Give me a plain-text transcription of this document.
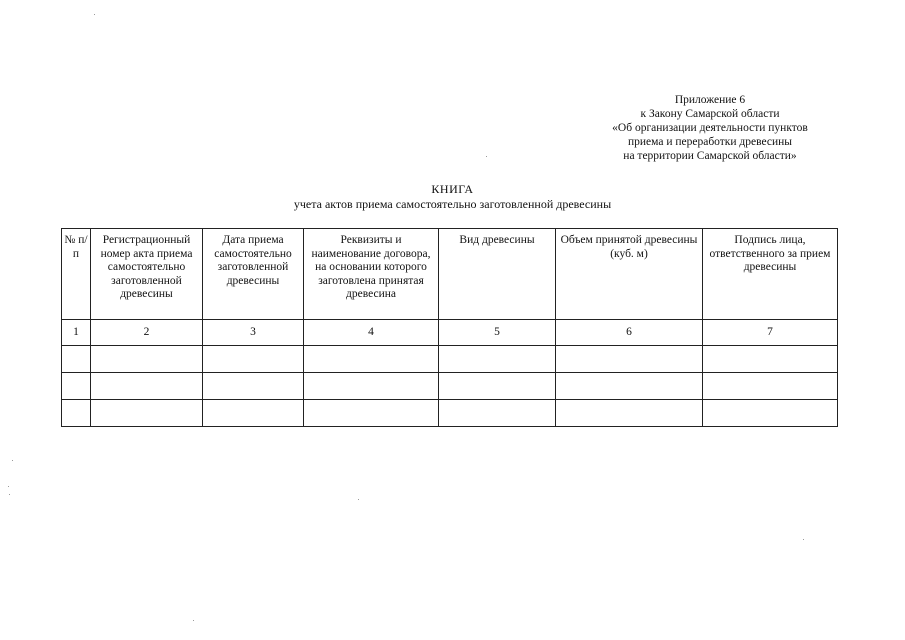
Приложение 6
к Закону Самарской области
«Об организации деятельности пунктов
приема и переработки древесины
на территории Самарской области»
КНИГА
учета актов приема самостоятельно заготовленной древесины
№ п/п	Регистрационный номер акта приема самостоятельно заготовленной древесины	Дата приема самостоятельно заготовленной древесины	Реквизиты и наименование договора, на основании которого заготовлена принятая древесина	Вид древесины	Объем принятой древесины (куб. м)	Подпись лица, ответственного за прием древесины
1	2	3	4	5	6	7
